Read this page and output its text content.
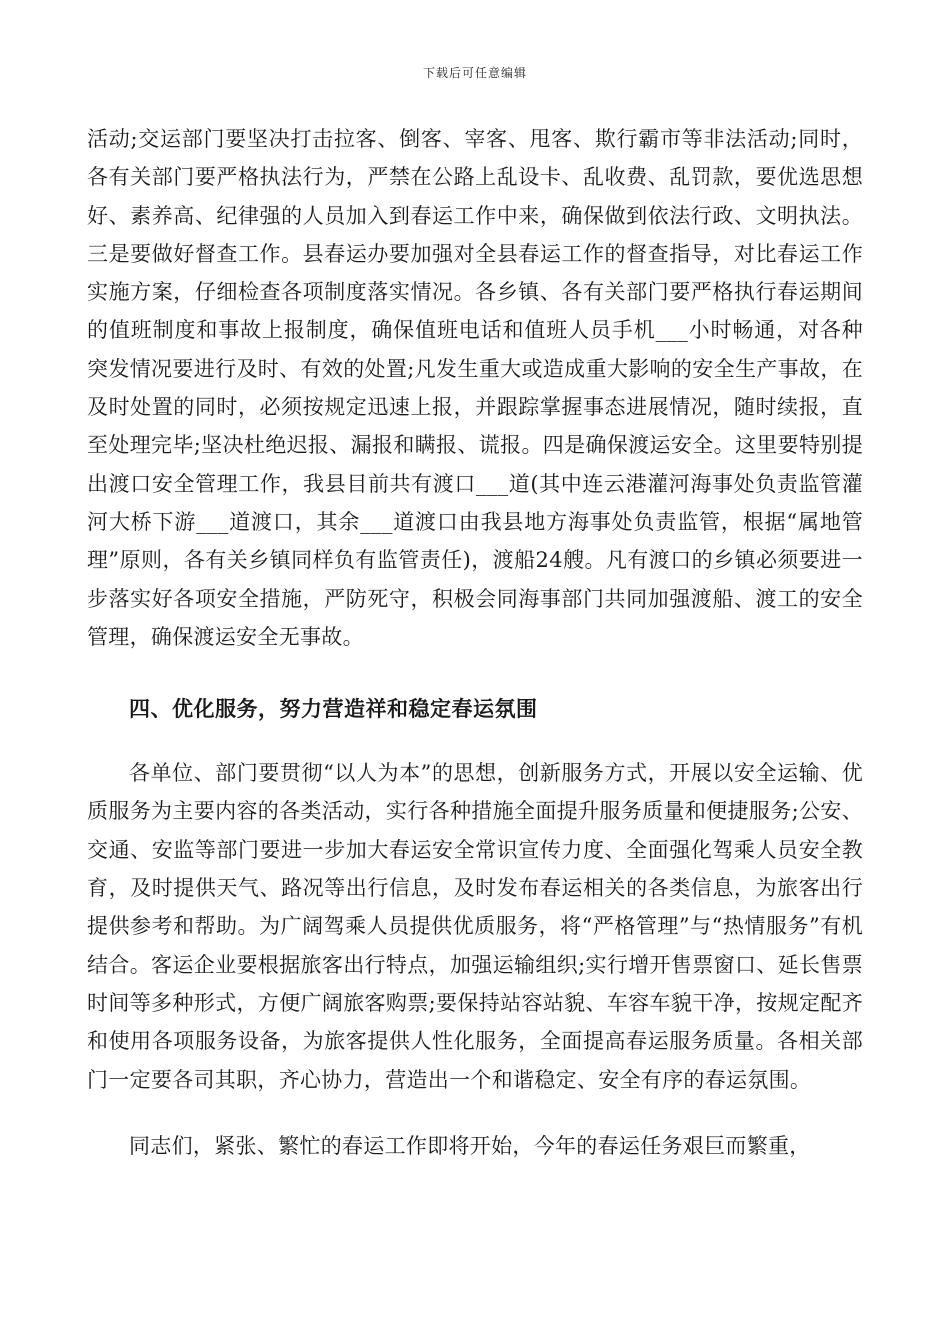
下载后可任意编辑

活动;交运部门要坚决打击拉客、倒客、宰客、甩客、欺行霸市等非法活动;同时，各有关部门要严格执法行为，严禁在公路上乱设卡、乱收费、乱罚款，要优选思想好、素养高、纪律强的人员加入到春运工作中来，确保做到依法行政、文明执法。三是要做好督查工作。县春运办要加强对全县春运工作的督查指导，对比春运工作实施方案，仔细检查各项制度落实情况。各乡镇、各有关部门要严格执行春运期间的值班制度和事故上报制度，确保值班电话和值班人员手机___小时畅通，对各种突发情况要进行及时、有效的处置;凡发生重大或造成重大影响的安全生产事故，在及时处置的同时，必须按规定迅速上报，并跟踪掌握事态进展情况，随时续报，直至处理完毕;坚决杜绝迟报、漏报和瞒报、谎报。四是确保渡运安全。这里要特别提出渡口安全管理工作，我县目前共有渡口___道(其中连云港灌河海事处负责监管灌河大桥下游___道渡口，其余___道渡口由我县地方海事处负责监管，根据“属地管理”原则，各有关乡镇同样负有监管责任)，渡船24艘。凡有渡口的乡镇必须要进一步落实好各项安全措施，严防死守，积极会同海事部门共同加强渡船、渡工的安全管理，确保渡运安全无事故。

四、优化服务，努力营造祥和稳定春运氛围

各单位、部门要贯彻“以人为本”的思想，创新服务方式，开展以安全运输、优质服务为主要内容的各类活动，实行各种措施全面提升服务质量和便捷服务;公安、交通、安监等部门要进一步加大春运安全常识宣传力度、全面强化驾乘人员安全教育，及时提供天气、路况等出行信息，及时发布春运相关的各类信息，为旅客出行提供参考和帮助。为广阔驾乘人员提供优质服务，将“严格管理”与“热情服务”有机结合。客运企业要根据旅客出行特点，加强运输组织;实行增开售票窗口、延长售票时间等多种形式，方便广阔旅客购票;要保持站容站貌、车容车貌干净，按规定配齐和使用各项服务设备，为旅客提供人性化服务，全面提高春运服务质量。各相关部门一定要各司其职，齐心协力，营造出一个和谐稳定、安全有序的春运氛围。

同志们，紧张、繁忙的春运工作即将开始，今年的春运任务艰巨而繁重，
